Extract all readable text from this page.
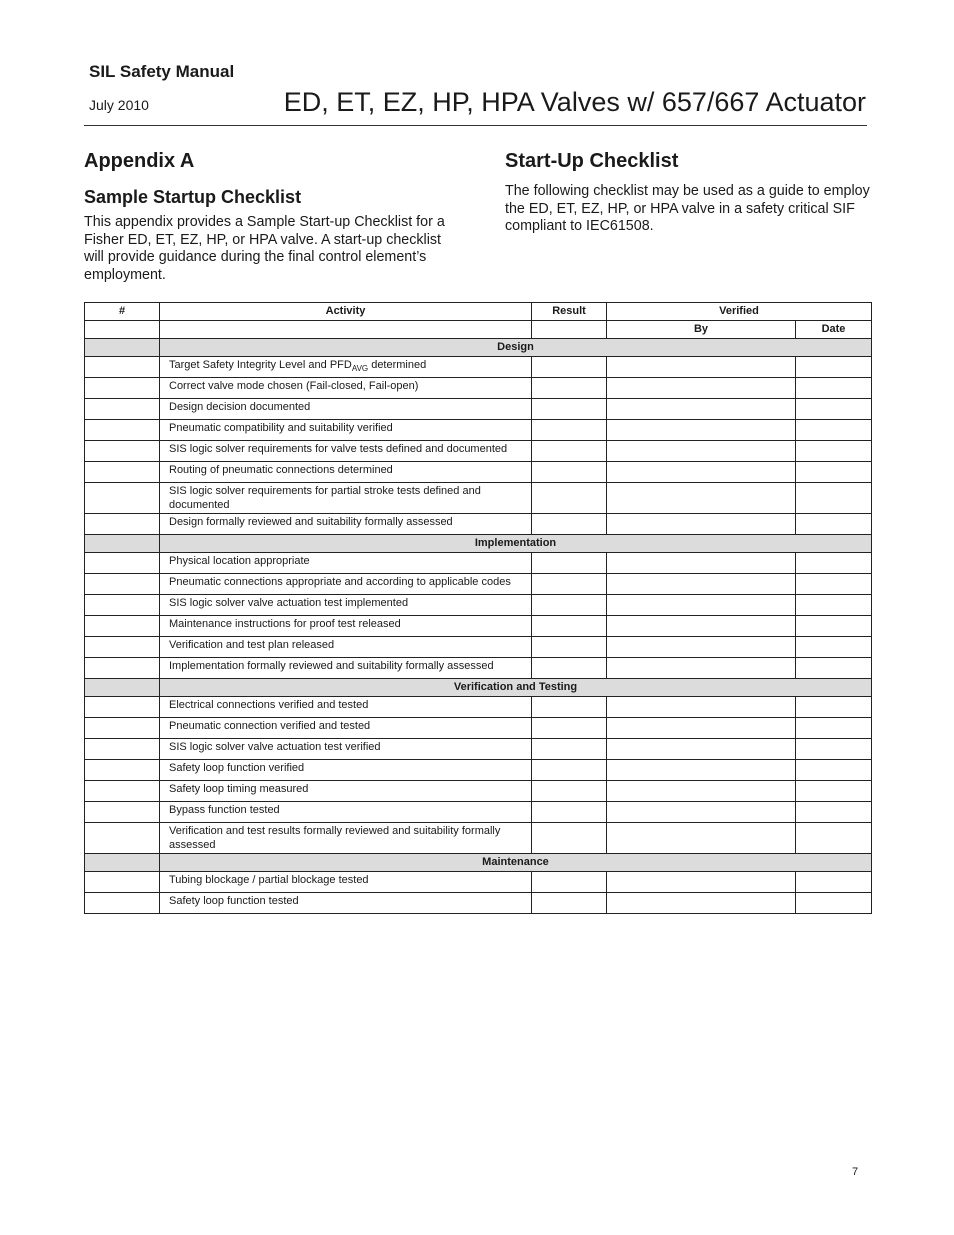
SIL Safety Manual
July 2010	ED, ET, EZ, HP, HPA Valves w/ 657/667 Actuator
Appendix A
Sample Startup Checklist

This appendix provides a Sample Start-up Checklist for a Fisher ED, ET, EZ, HP, or HPA valve. A start-up checklist will provide guidance during the final control element’s employment.

Start-Up Checklist

The following checklist may be used as a guide to employ the ED, ET, EZ, HP, or HPA valve in a safety critical SIF compliant to IEC61508.

#	Activity	Result	Verified	
			By	Date
	Design			
	Target Safety Integrity Level and $PFD_{AVG}$ determined			
	Correct valve mode chosen (Fail-closed, Fail-open)			
	Design decision documented			
	Pneumatic compatibility and suitability verified			
	SIS logic solver requirements for valve tests defined and documented			
	Routing of pneumatic connections determined			
	SIS logic solver requirements for partial stroke tests defined and documented			
	Design formally reviewed and suitability formally assessed			
	Implementation			
	Physical location appropriate			
	Pneumatic connections appropriate and according to applicable codes			
	SIS logic solver valve actuation test implemented			
	Maintenance instructions for proof test released			
	Verification and test plan released			
	Implementation formally reviewed and suitability formally assessed			
	Verification and Testing			
	Electrical connections verified and tested			
	Pneumatic connection verified and tested			
	SIS logic solver valve actuation test verified			
	Safety loop function verified			
	Safety loop timing measured			
	Bypass function tested			
	Verification and test results formally reviewed and suitability formally assessed			
	Maintenance			
	Tubing blockage / partial blockage tested			
	Safety loop function tested			
7
